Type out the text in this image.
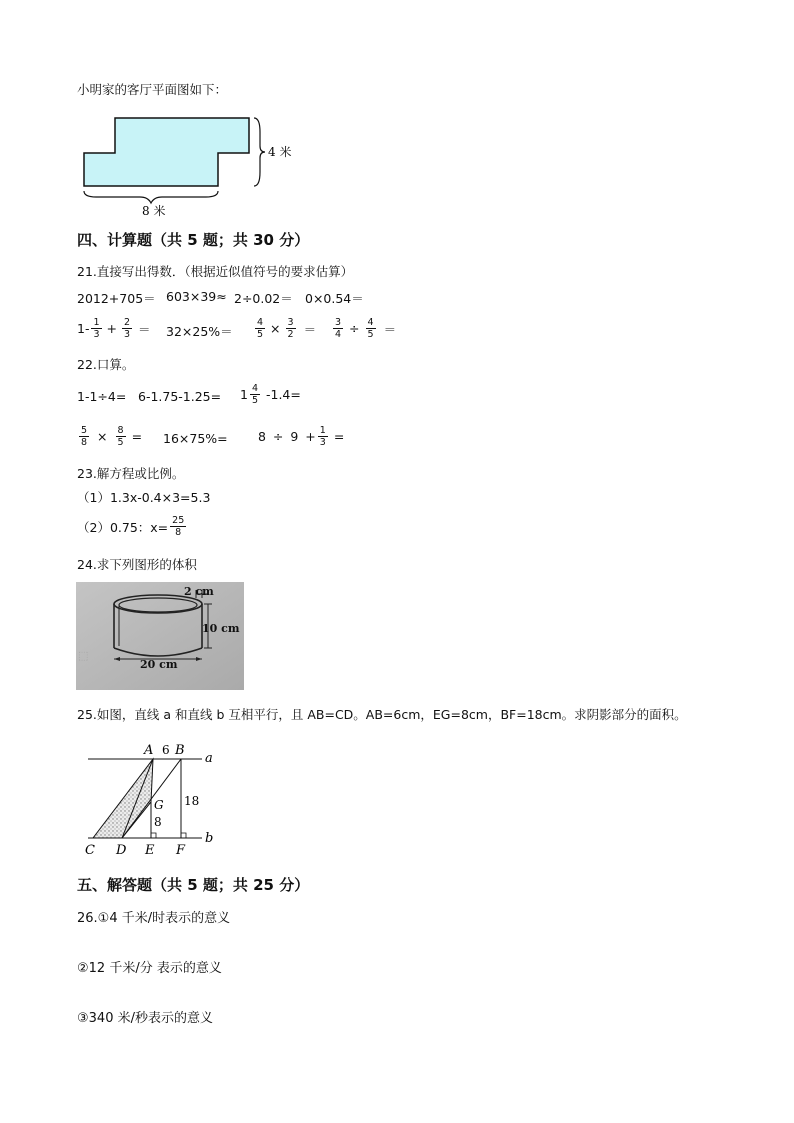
小明家的客厅平面图如下：
4 米
8 米
四、计算题（共 5 题；共 30 分）
21.直接写出得数．（根据近似值符号的要求估算）
2012+705＝ 603×39≈ 2÷0.02＝ 0×0.54＝
$1- \frac{1}{3} + \frac{2}{3} = 32\times 25\%= \frac{4}{5} \times \frac{3}{2} = \frac{3}{4} \div \frac{4}{5}$ ＝
22.口算。
$1-1\div 4= 6-1.75-1.25= 1 \frac{4}{5} -1.4=$
$\frac{5}{8} \times \frac{8}{5} = 16\times 75\%= 8 \div 9 + \frac{1}{3}$ =
23.解方程或比例。
（1）1.3x-0.4×3=5.3
（2）0.75：$x= \frac{25}{8}$
24.求下列图形的体积
⬚
2 cm
10 cm
20 cm
25.如图，直线 a 和直线 b 互相平行，且 AB=CD。AB=6cm，EG=8cm，BF=18cm。求阴影部分的面积。
A 6 B
a
G 18
8
b
C D E F
五、解答题（共 5 题；共 25 分）
26.①4 千米/时表示的意义
②12 千米/分 表示的意义
③340 米/秒表示的意义
